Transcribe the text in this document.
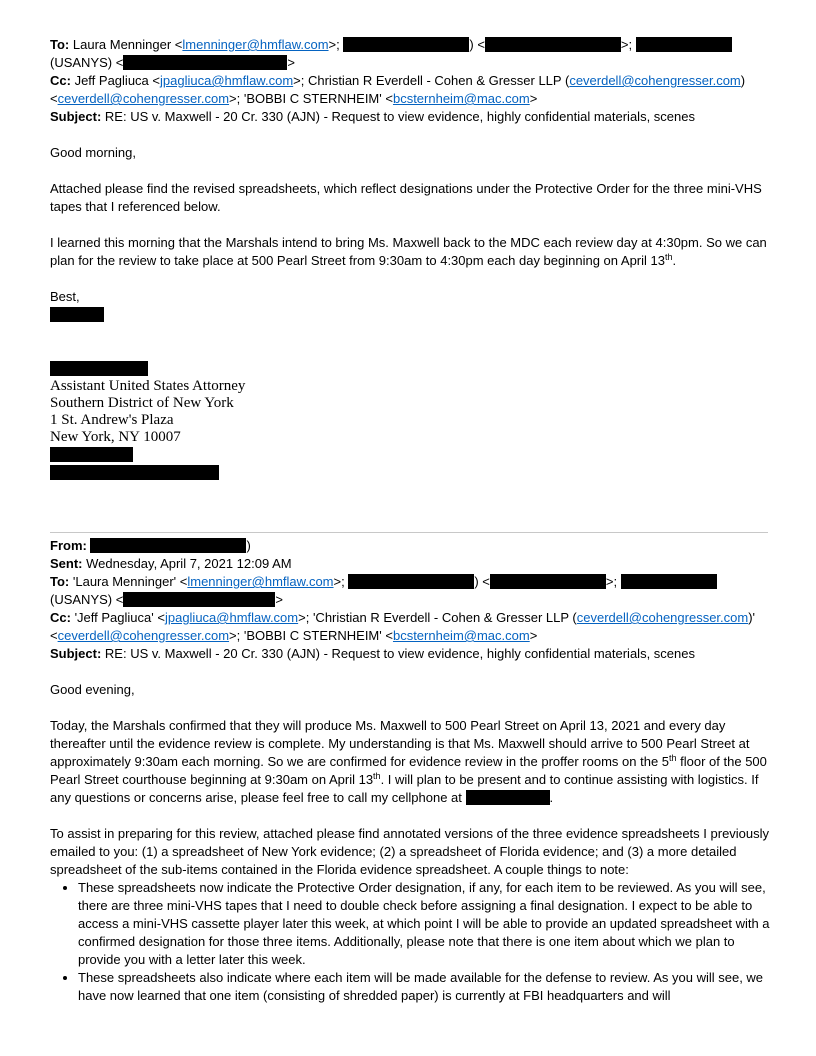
To: Laura Menninger <lmenninger@hmflaw.com>;	) <	>;
(USANYS) <	>
Cc: Jeff Pagliuca <jpagliuca@hmflaw.com>; Christian R Everdell - Cohen & Gresser LLP (ceverdell@cohengresser.com)
<ceverdell@cohengresser.com>; 'BOBBI C STERNHEIM' <bcsternheim@mac.com>
Subject: RE: US v. Maxwell - 20 Cr. 330 (AJN) - Request to view evidence, highly confidential materials, scenes

Good morning,

Attached please find the revised spreadsheets, which reflect designations under the Protective Order for the three mini-VHS tapes that I referenced below.

I learned this morning that the Marshals intend to bring Ms. Maxwell back to the MDC each review day at 4:30pm. So we can plan for the review to take place at 500 Pearl Street from 9:30am to 4:30pm each day beginning on April 13th.

Best,

Assistant United States Attorney
Southern District of New York
1 St. Andrew's Plaza
New York, NY 10007
From:	)
Sent: Wednesday, April 7, 2021 12:09 AM
To: 'Laura Menninger' <lmenninger@hmflaw.com>;	) <	>;
(USANYS) <	>
Cc: 'Jeff Pagliuca' <jpagliuca@hmflaw.com>; 'Christian R Everdell - Cohen & Gresser LLP (ceverdell@cohengresser.com)'
<ceverdell@cohengresser.com>; 'BOBBI C STERNHEIM' <bcsternheim@mac.com>
Subject: RE: US v. Maxwell - 20 Cr. 330 (AJN) - Request to view evidence, highly confidential materials, scenes

Good evening,

Today, the Marshals confirmed that they will produce Ms. Maxwell to 500 Pearl Street on April 13, 2021 and every day thereafter until the evidence review is complete. My understanding is that Ms. Maxwell should arrive to 500 Pearl Street at approximately 9:30am each morning. So we are confirmed for evidence review in the proffer rooms on the 5th floor of the 500 Pearl Street courthouse beginning at 9:30am on April 13th. I will plan to be present and to continue assisting with logistics. If any questions or concerns arise, please feel free to call my cellphone at	.

To assist in preparing for this review, attached please find annotated versions of the three evidence spreadsheets I previously emailed to you: (1) a spreadsheet of New York evidence; (2) a spreadsheet of Florida evidence; and (3) a more detailed spreadsheet of the sub-items contained in the Florida evidence spreadsheet. A couple things to note:

• These spreadsheets now indicate the Protective Order designation, if any, for each item to be reviewed. As you will see, there are three mini-VHS tapes that I need to double check before assigning a final designation. I expect to be able to access a mini-VHS cassette player later this week, at which point I will be able to provide an updated spreadsheet with a confirmed designation for those three items. Additionally, please note that there is one item about which we plan to provide you with a letter later this week.
• These spreadsheets also indicate where each item will be made available for the defense to review. As you will see, we have now learned that one item (consisting of shredded paper) is currently at FBI headquarters and will
